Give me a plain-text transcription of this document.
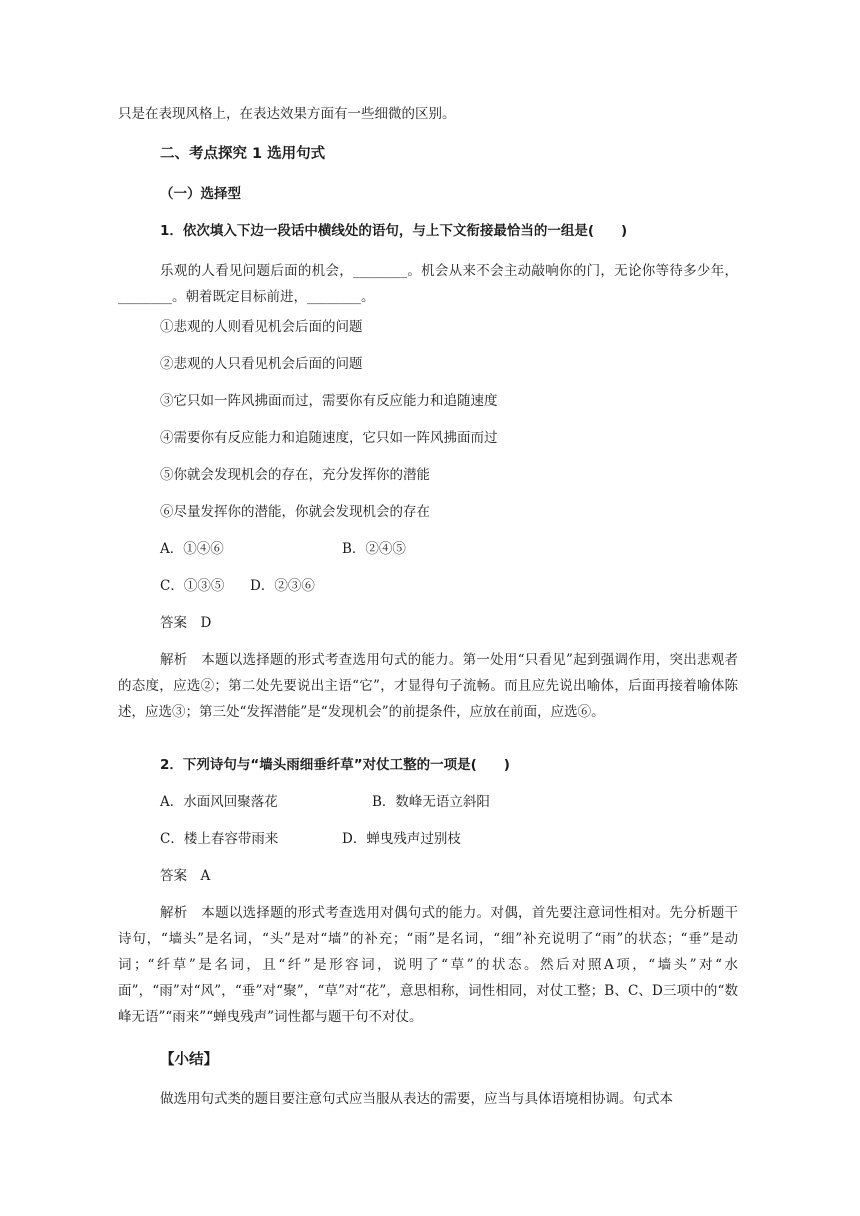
只是在表现风格上，在表达效果方面有一些细微的区别。

二、考点探究 1 选用句式

（一）选择型

1．依次填入下边一段话中横线处的语句，与上下文衔接最恰当的一组是(　　)

乐观的人看见问题后面的机会，________。机会从来不会主动敲响你的门，无论你等待多少年，________。朝着既定目标前进，________。

①悲观的人则看见机会后面的问题

②悲观的人只看见机会后面的问题

③它只如一阵风拂面而过，需要你有反应能力和追随速度

④需要你有反应能力和追随速度，它只如一阵风拂面而过

⑤你就会发现机会的存在，充分发挥你的潜能

⑥尽量发挥你的潜能，你就会发现机会的存在

A．①④⑥	B．②④⑤
C．①③⑤ D．②③⑥

答案　D

解析　本题以选择题的形式考查选用句式的能力。第一处用“只看见”起到强调作用，突出悲观者的态度，应选②；第二处先要说出主语“它”，才显得句子流畅。而且应先说出喻体，后面再接着喻体陈述，应选③；第三处“发挥潜能”是“发现机会”的前提条件，应放在前面，应选⑥。

2．下列诗句与“墙头雨细垂纤草”对仗工整的一项是(　　)

A．水面风回聚落花	B．数峰无语立斜阳
C．楼上春容带雨来	D．蝉曳残声过别枝

答案　A

解析　本题以选择题的形式考查选用对偶句式的能力。对偶，首先要注意词性相对。先分析题干诗句，“墙头”是名词，“头”是对“墙”的补充；“雨”是名词，“细”补充说明了“雨”的状态；“垂”是动词；“纤草”是名词，且“纤”是形容词，说明了“草”的状态。然后对照A项，“墙头”对“水面”，“雨”对“风”，“垂”对“聚”，“草”对“花”，意思相称，词性相同，对仗工整；B、C、D三项中的“数峰无语”“雨来”“蝉曳残声”词性都与题干句不对仗。

【小结】

做选用句式类的题目要注意句式应当服从表达的需要，应当与具体语境相协调。句式本
